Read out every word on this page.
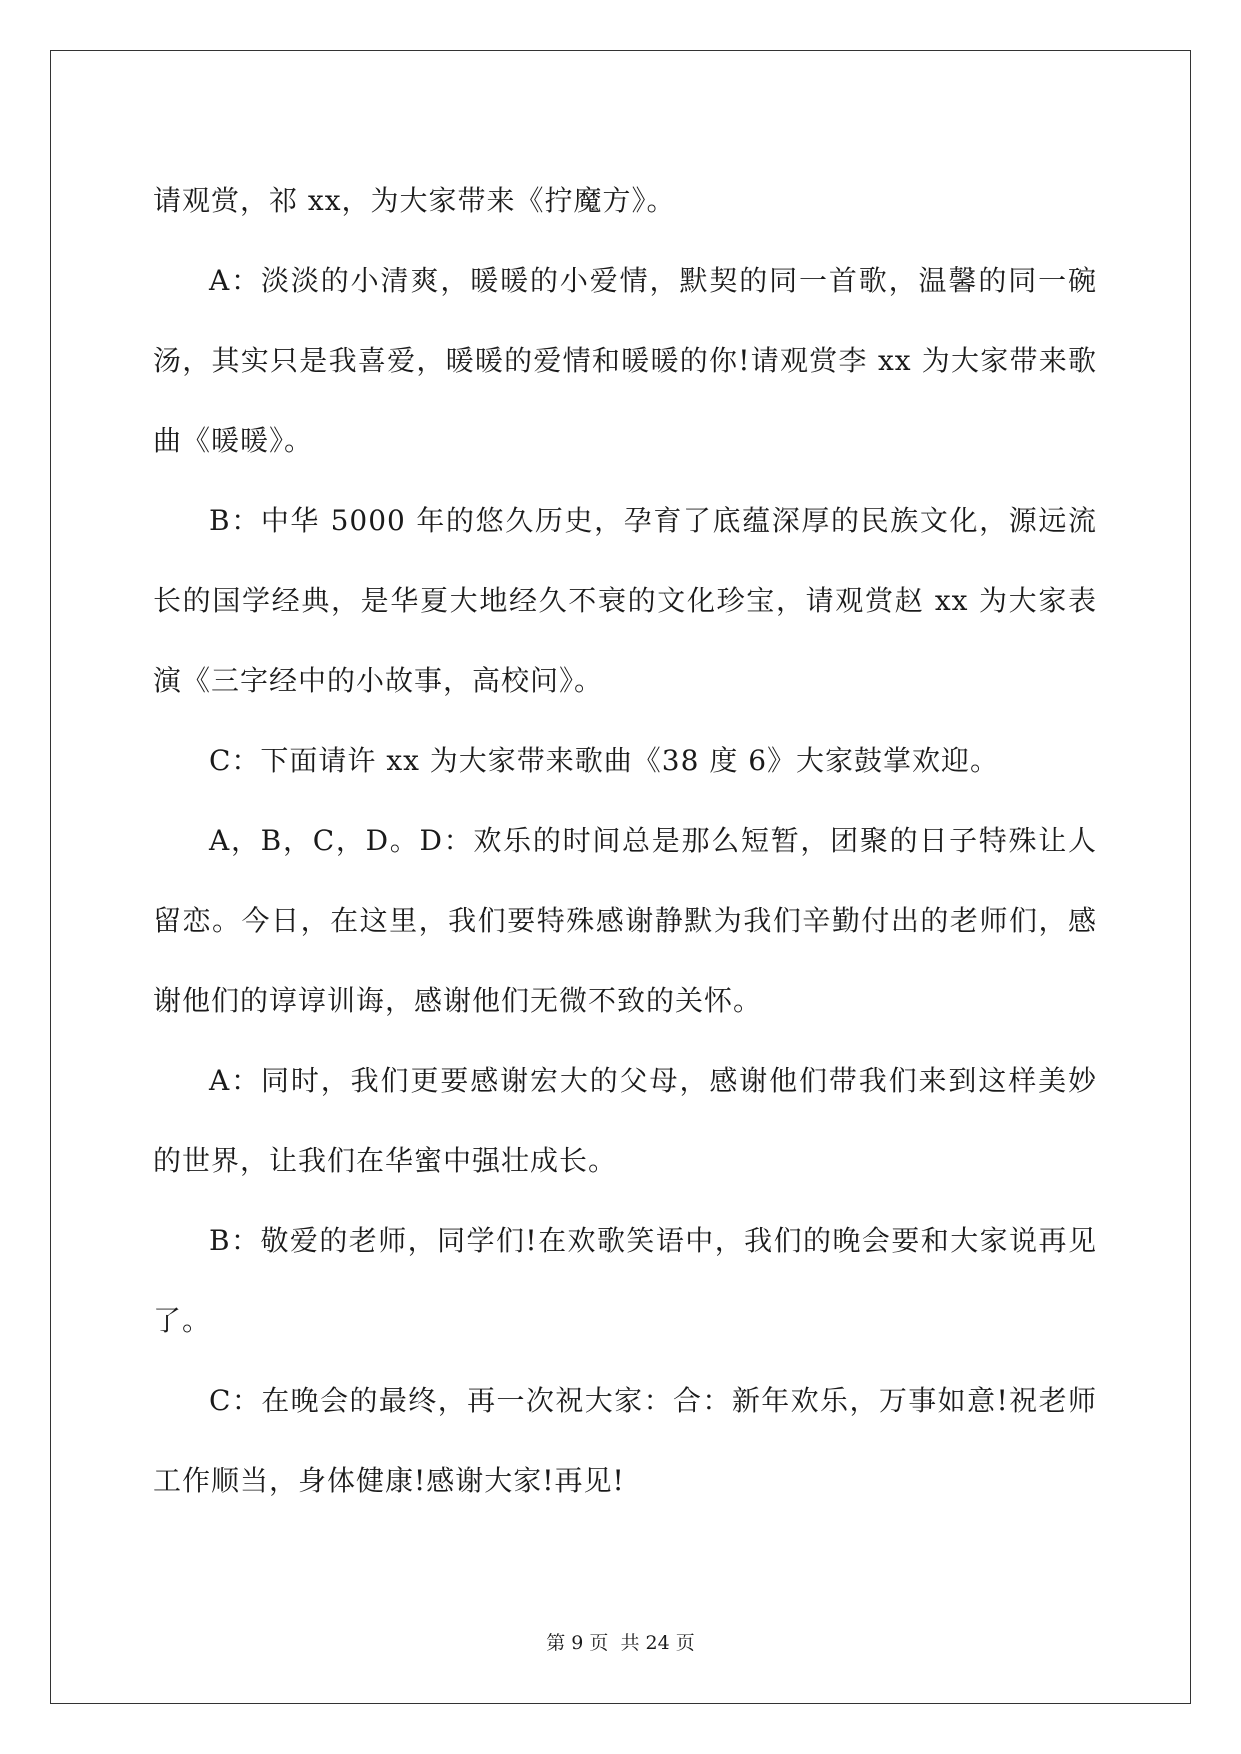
请观赏，祁 xx，为大家带来《拧魔方》。

A：淡淡的小清爽，暖暖的小爱情，默契的同一首歌，温馨的同一碗汤，其实只是我喜爱，暖暖的爱情和暖暖的你!请观赏李 xx 为大家带来歌曲《暖暖》。

B：中华 5000 年的悠久历史，孕育了底蕴深厚的民族文化，源远流长的国学经典，是华夏大地经久不衰的文化珍宝，请观赏赵 xx 为大家表演《三字经中的小故事，高校问》。

C：下面请许 xx 为大家带来歌曲《38 度 6》大家鼓掌欢迎。

A，B，C，D。D：欢乐的时间总是那么短暂，团聚的日子特殊让人留恋。今日，在这里，我们要特殊感谢静默为我们辛勤付出的老师们，感谢他们的谆谆训诲，感谢他们无微不致的关怀。

A：同时，我们更要感谢宏大的父母，感谢他们带我们来到这样美妙的世界，让我们在华蜜中强壮成长。

B：敬爱的老师，同学们!在欢歌笑语中，我们的晚会要和大家说再见了。

C：在晚会的最终，再一次祝大家：合：新年欢乐，万事如意!祝老师工作顺当，身体健康!感谢大家!再见!

第 9 页 共 24 页
